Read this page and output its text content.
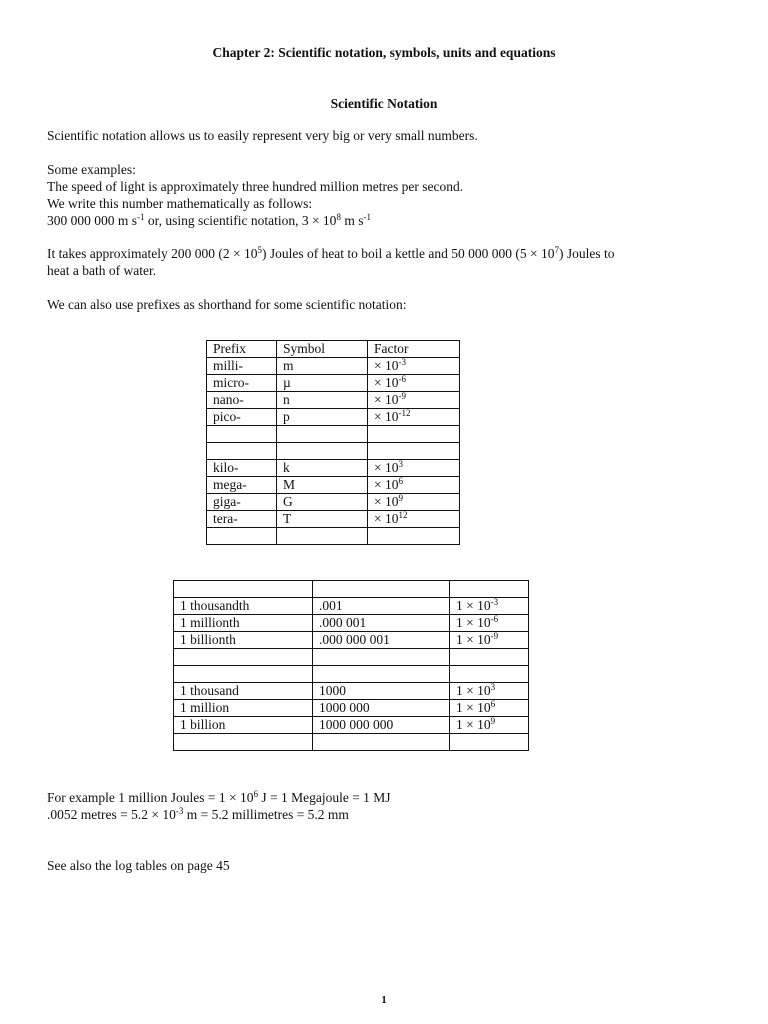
Chapter 2: Scientific notation, symbols, units and equations
Scientific Notation
Scientific notation allows us to easily represent very big or very small numbers.
Some examples:
The speed of light is approximately three hundred million metres per second.
We write this number mathematically as follows:
300 000 000 m $s^{-1}$ or, using scientific notation, $3 \times 10^8$ m $s^{-1}$
It takes approximately 200 000 $(2 \times 10^5)$ Joules of heat to boil a kettle and 50 000 000 $(5 \times 10^7)$ Joules to
heat a bath of water.
We can also use prefixes as shorthand for some scientific notation:
Prefix	Symbol	Factor
milli-	m	× $10^{-3}$
micro-	µ	× $10^{-6}$
nano-	n	× $10^{-9}$
pico-	p	× $10^{-12}$

kilo-	k	× $10^3$
mega-	M	× $10^6$
giga-	G	× $10^9$
tera-	T	× $10^{12}$

1 thousandth	.001	$1 \times 10^{-3}$
1 millionth	.000 001	$1 \times 10^{-6}$
1 billionth	.000 000 001	$1 \times 10^{-9}$

1 thousand	1000	$1 \times 10^3$
1 million	1000 000	$1 \times 10^6$
1 billion	1000 000 000	$1 \times 10^9$

For example 1 million Joules = $1 \times 10^6$ J = 1 Megajoule = 1 MJ
.0052 metres = $5.2 \times 10^{-3}$ m = 5.2 millimetres = 5.2 mm
See also the log tables on page 45
1
